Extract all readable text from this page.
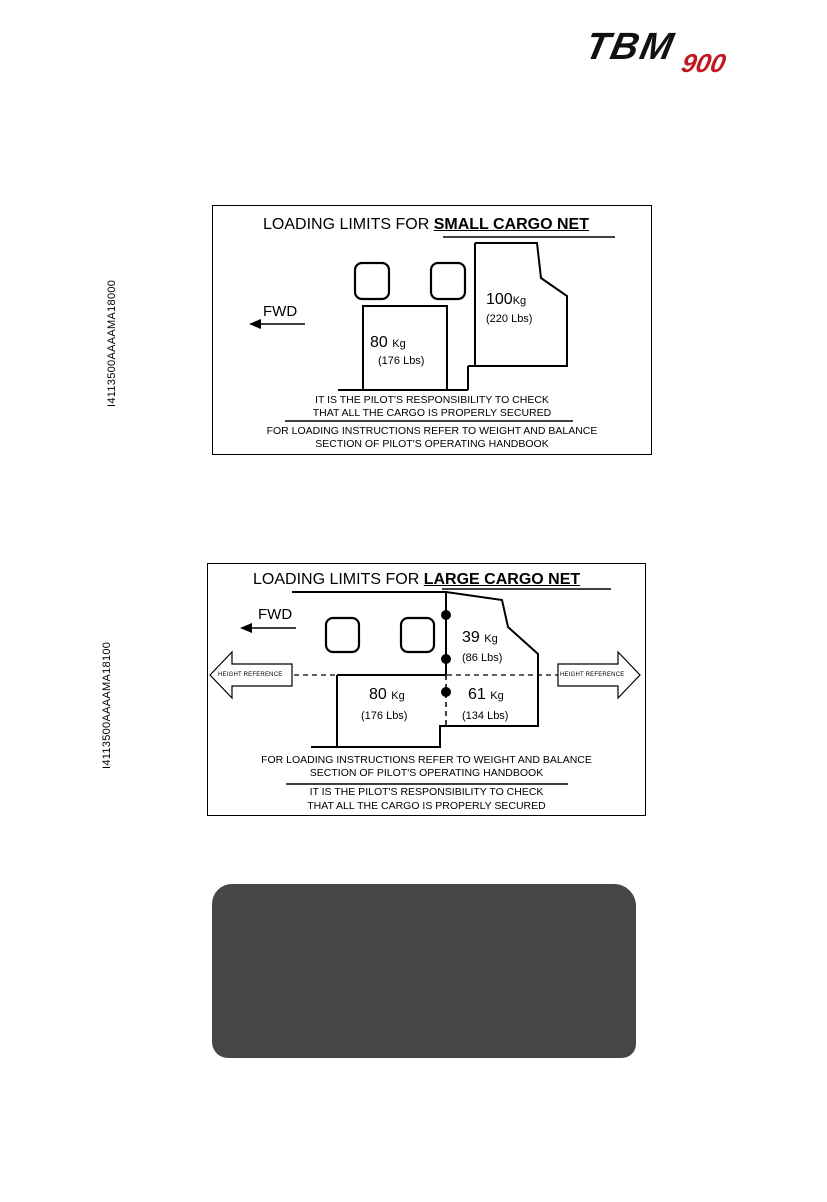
TBM 900
I4113500AAAAMA18000
I4113500AAAAMA18100
LOADING LIMITS FOR SMALL CARGO NET
FWD
80 Kg
(176 Lbs)
100Kg
(220 Lbs)
IT IS THE PILOT'S RESPONSIBILITY TO CHECK
THAT ALL THE CARGO IS PROPERLY SECURED
FOR LOADING INSTRUCTIONS REFER TO WEIGHT AND BALANCE
SECTION OF PILOT'S OPERATING HANDBOOK
LOADING LIMITS FOR LARGE CARGO NET
FWD
HEIGHT REFERENCE	HEIGHT REFERENCE
80 Kg
(176 Lbs)
39 Kg
(86 Lbs)
61 Kg
(134 Lbs)
FOR LOADING INSTRUCTIONS REFER TO WEIGHT AND BALANCE
SECTION OF PILOT'S OPERATING HANDBOOK
IT IS THE PILOT'S RESPONSIBILITY TO CHECK
THAT ALL THE CARGO IS PROPERLY SECURED
